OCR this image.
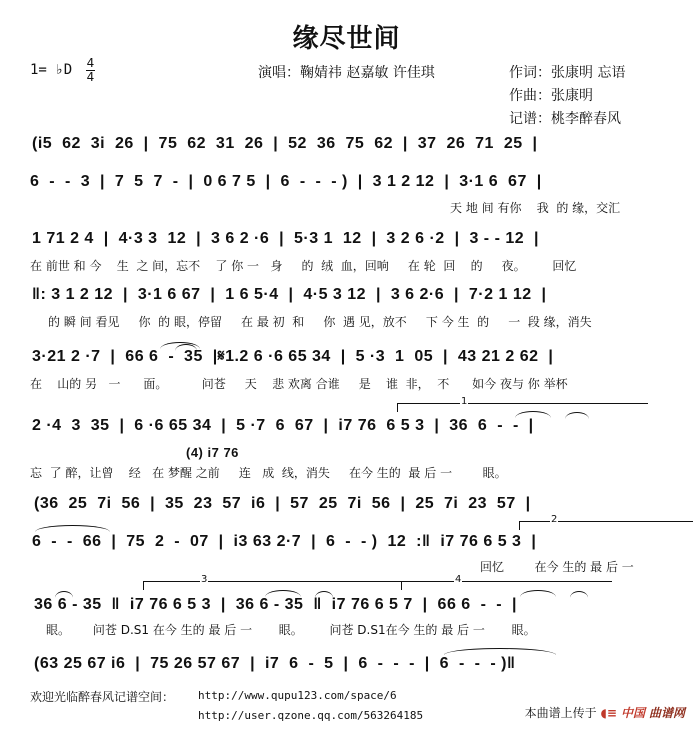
缘尽世间
1= ♭D 4
4	演唱：鞠婧祎 赵嘉敏 许佳琪	作词：张康明 忘语
作曲：张康明
记谱：桃李醉春风
(i5  62  3i  26  |  75  62  31  26  |  52  36  75  62  |  37  26  71  25  |
6  -  -  3  |  7  5  7  -  |  0 6 7 5  |  6  -  -  - )  |  3 1 2 12  |  3·1 6  67  |
天 地 间 有你    我  的 缘，交汇
1 71 2 4  |  4·3 3  12  |  3 6 2 ·6  |  5·3 1  12  |  3 2 6 ·2  |  3 - - 12  |
在 前世 和 今    生  之 间，忘不    了 你 一   身     的  绒  血，回响     在 轮  回    的     夜。       回忆
‖: 3 1 2 12  |  3·1 6 67  |  1 6 5·4  |  4·5 3 12  |  3 6 2·6  |  7·2 1 12  |
的 瞬 间 看见     你  的 眼，停留     在 最 初  和     你  遇 见，放不     下 今 生  的     一  段 缘，消失
3·21 2 ·7  |  66 6  -  35  |𝄋1.2 6 ·6 65 34  |  5 ·3  1  05  |  43 21 2 62  |
在    山的 另   一      面。         问苍     天    悲 欢离 合谁     是    谁  非，  不      如今 夜与 你 举杯
1
2 ·4  3  35  |  6 ·6 65 34  |  5 ·7  6  67  |  i7 76  6 5 3  |  36  6  -  -  |
(4) i7 76
忘  了 醉，让曾    经   在 梦醒 之前     连   成  线，消失     在今 生的  最 后 一        眼。
(36  25  7i  56  |  35  23  57  i6  |  57  25  7i  56  |  25  7i  23  57  |
2
6  -  -  66  |  75  2  -  07  |  i3 63 2·7  |  6  -  - )  12  :‖  i7 76 6 5 3  |
回忆        在今 生的 最 后 一
3	4
36 6 - 35  ‖  i7 76 6 5 3  |  36 6 - 35  ‖  i7 76 6 5 7  |  66 6  -  -  |
眼。      问苍 D.S1 在今 生的 最 后 一       眼。       问苍 D.S1在今 生的 最 后 一       眼。
(63 25 67 i6  |  75 26 57 67  |  i7  6  -  5  |  6  -  -  -  |  6  -  -  - )‖
欢迎光临醉春风记谱空间： http://www.qupu123.com/space/6
http://user.qzone.qq.com/563264185	本曲谱上传于 ◖≡ 中国 曲谱网
